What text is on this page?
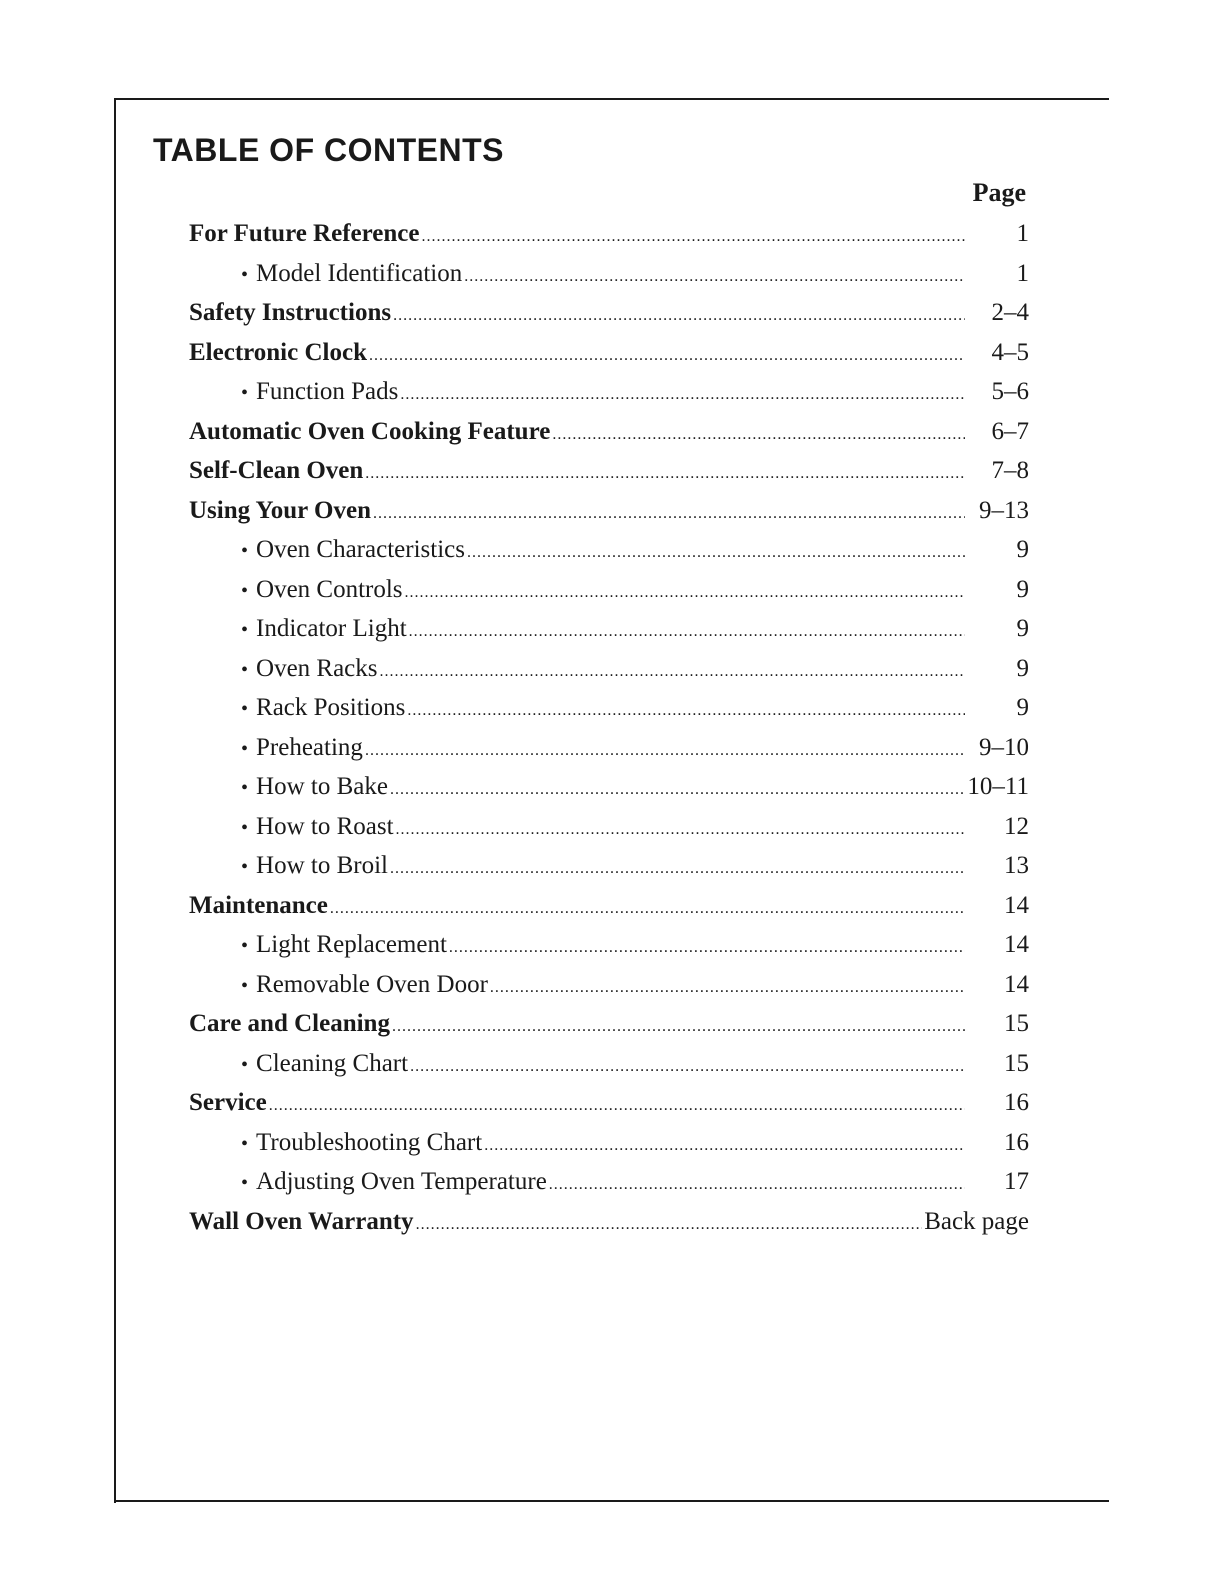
TABLE OF CONTENTS
Page
For Future Reference .....	1
• Model Identification .....	1
Safety Instructions .....	2–4
Electronic Clock .....	4–5
• Function Pads .....	5–6
Automatic Oven Cooking Feature .....	6–7
Self-Clean Oven .....	7–8
Using Your Oven .....	9–13
• Oven Characteristics .....	9
• Oven Controls .....	9
• Indicator Light .....	9
• Oven Racks .....	9
• Rack Positions .....	9
• Preheating .....	9–10
• How to Bake .....	10–11
• How to Roast .....	12
• How to Broil .....	13
Maintenance .....	14
• Light Replacement .....	14
• Removable Oven Door .....	14
Care and Cleaning .....	15
• Cleaning Chart .....	15
Service .....	16
• Troubleshooting Chart .....	16
• Adjusting Oven Temperature .....	17
Wall Oven Warranty .....	Back page
